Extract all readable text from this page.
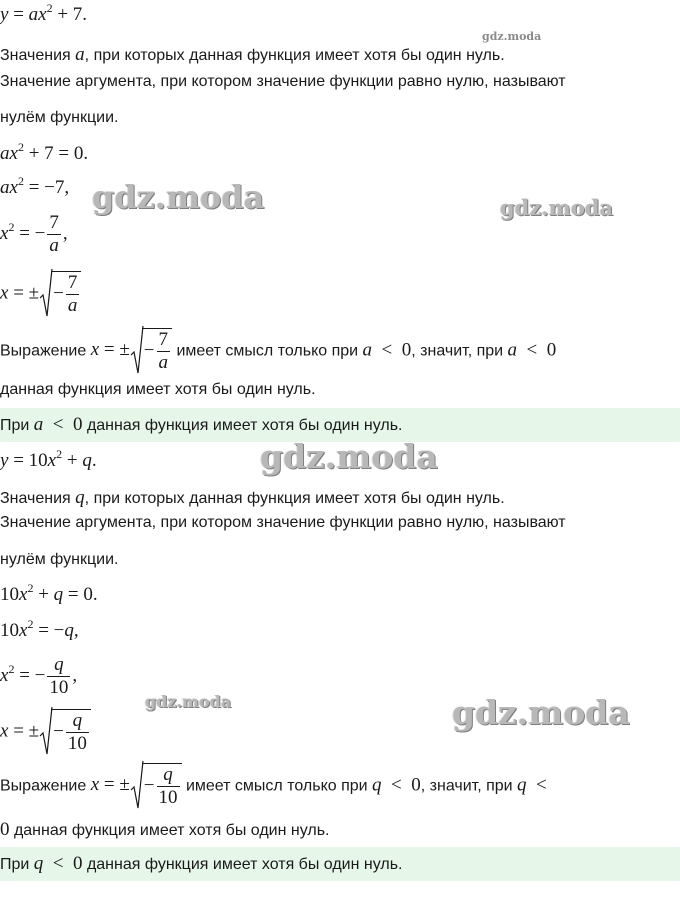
$y = ax^2 + 7$.
Значения a, при которых данная функция имеет хотя бы один нуль.
Значение аргумента, при котором значение функции равно нулю, называют
нулём функции.
$ax^2 + 7 = 0$.
$ax^2 = -7$,
$x^2$ = − $\frac{7}{a}$ ,
x = ± − $\frac{7}{a}$
Выражение x = ± − $\frac{7}{a}$ имеет смысл только при a  <  0, значит, при a  <  0
данная функция имеет хотя бы один нуль.
При a  <  0 данная функция имеет хотя бы один нуль.
$y = 10x^2 + q$.
Значения q, при которых данная функция имеет хотя бы один нуль.
Значение аргумента, при котором значение функции равно нулю, называют
нулём функции.
$10x^2 + q = 0$.
$10x^2 = -q$,
$x^2$ = − $\frac{q}{10}$ ,
x = ± − $\frac{q}{10}$
Выражение x = ± − $\frac{q}{10}$ имеет смысл только при q  <  0, значит, при q  <
0 данная функция имеет хотя бы один нуль.
При q  <  0 данная функция имеет хотя бы один нуль.
gdz.moda
gdz.moda	gdz.moda
gdz.moda
gdz.moda	gdz.moda
